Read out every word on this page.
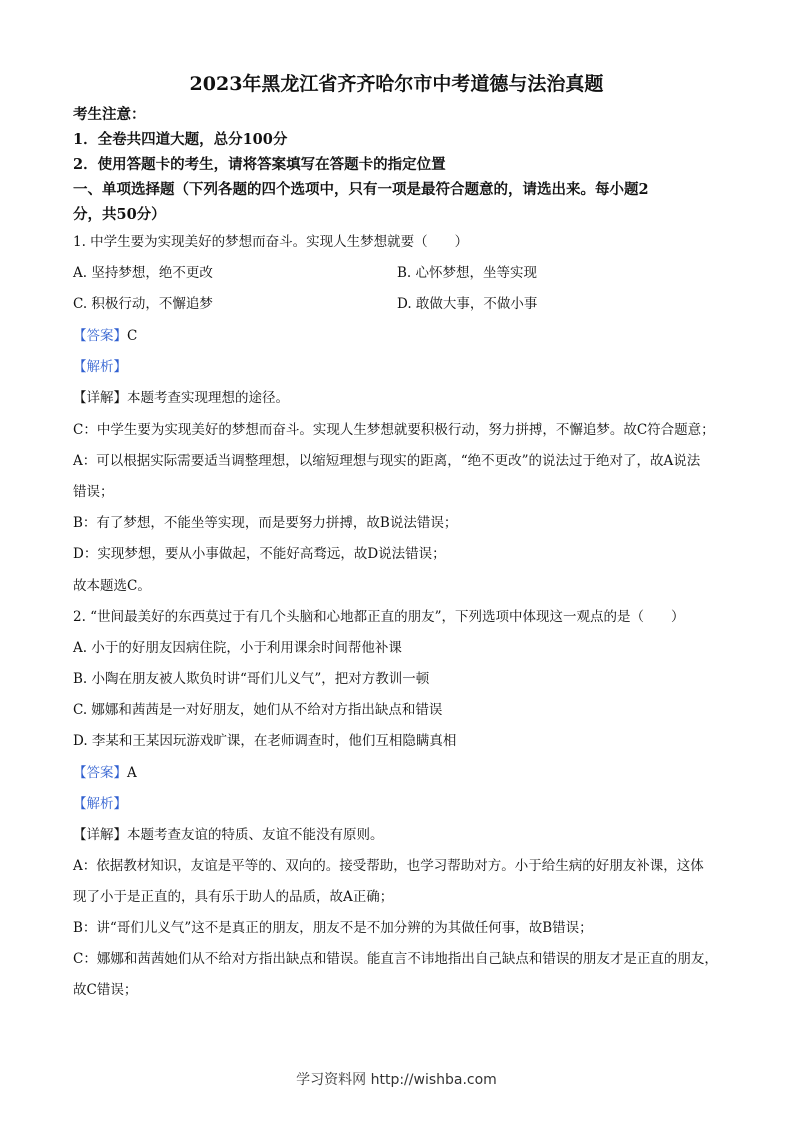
2023年黑龙江省齐齐哈尔市中考道德与法治真题
考生注意：
1．全卷共四道大题，总分100分
2．使用答题卡的考生，请将答案填写在答题卡的指定位置
一、单项选择题（下列各题的四个选项中，只有一项是最符合题意的，请选出来。每小题2
分，共50分）
1. 中学生要为实现美好的梦想而奋斗。实现人生梦想就要（　　）
A. 坚持梦想，绝不更改	B. 心怀梦想，坐等实现
C. 积极行动，不懈追梦	D. 敢做大事，不做小事
【答案】C
【解析】
【详解】本题考查实现理想的途径。
C：中学生要为实现美好的梦想而奋斗。实现人生梦想就要积极行动，努力拼搏，不懈追梦。故C符合题意；
A：可以根据实际需要适当调整理想，以缩短理想与现实的距离，“绝不更改”的说法过于绝对了，故A说法
错误；
B：有了梦想，不能坐等实现，而是要努力拼搏，故B说法错误；
D：实现梦想，要从小事做起，不能好高骛远，故D说法错误；
故本题选C。
2. “世间最美好的东西莫过于有几个头脑和心地都正直的朋友”，下列选项中体现这一观点的是（　　）
A. 小于的好朋友因病住院，小于利用课余时间帮他补课
B. 小陶在朋友被人欺负时讲“哥们儿义气”，把对方教训一顿
C. 娜娜和茜茜是一对好朋友，她们从不给对方指出缺点和错误
D. 李某和王某因玩游戏旷课，在老师调查时，他们互相隐瞒真相
【答案】A
【解析】
【详解】本题考查友谊的特质、友谊不能没有原则。
A：依据教材知识，友谊是平等的、双向的。接受帮助，也学习帮助对方。小于给生病的好朋友补课，这体
现了小于是正直的，具有乐于助人的品质，故A正确；
B：讲“哥们儿义气”这不是真正的朋友，朋友不是不加分辨的为其做任何事，故B错误；
C：娜娜和茜茜她们从不给对方指出缺点和错误。能直言不讳地指出自己缺点和错误的朋友才是正直的朋友，
故C错误；
学习资料网 http://wishba.com
